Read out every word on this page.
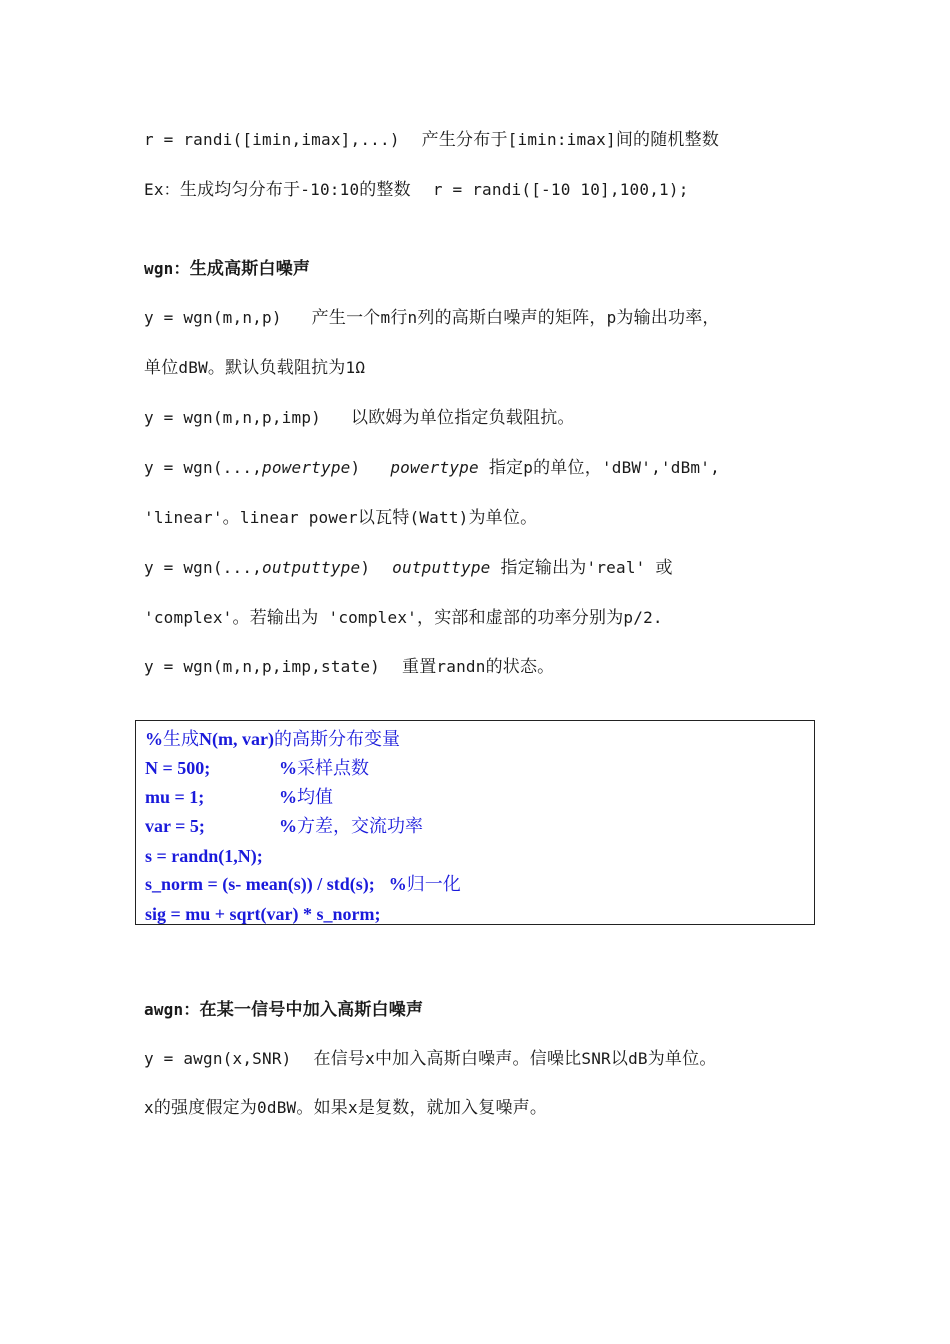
r = randi([imin,imax],...) 产生分布于[imin:imax]间的随机整数
Ex：生成均匀分布于-10:10的整数 r = randi([-10 10],100,1);
wgn：生成高斯白噪声
y = wgn(m,n,p) 产生一个m行n列的高斯白噪声的矩阵，p为输出功率，
单位dBW。默认负载阻抗为1Ω
y = wgn(m,n,p,imp) 以欧姆为单位指定负载阻抗。
y = wgn(...,powertype) powertype 指定p的单位，'dBW','dBm',
'linear'。linear power以瓦特(Watt)为单位。
y = wgn(...,outputtype) outputtype 指定输出为'real' 或
'complex'。若输出为 'complex'，实部和虚部的功率分别为p/2.
y = wgn(m,n,p,imp,state) 重置randn的状态。
%生成N(m, var)的高斯分布变量
N = 500;	%采样点数
mu = 1;	%均值
var = 5;	%方差，交流功率
s = randn(1,N);
s_norm = (s- mean(s)) / std(s); %归一化
sig = mu + sqrt(var) * s_norm;
awgn：在某一信号中加入高斯白噪声
y = awgn(x,SNR) 在信号x中加入高斯白噪声。信噪比SNR以dB为单位。
x的强度假定为0dBW。如果x是复数，就加入复噪声。
